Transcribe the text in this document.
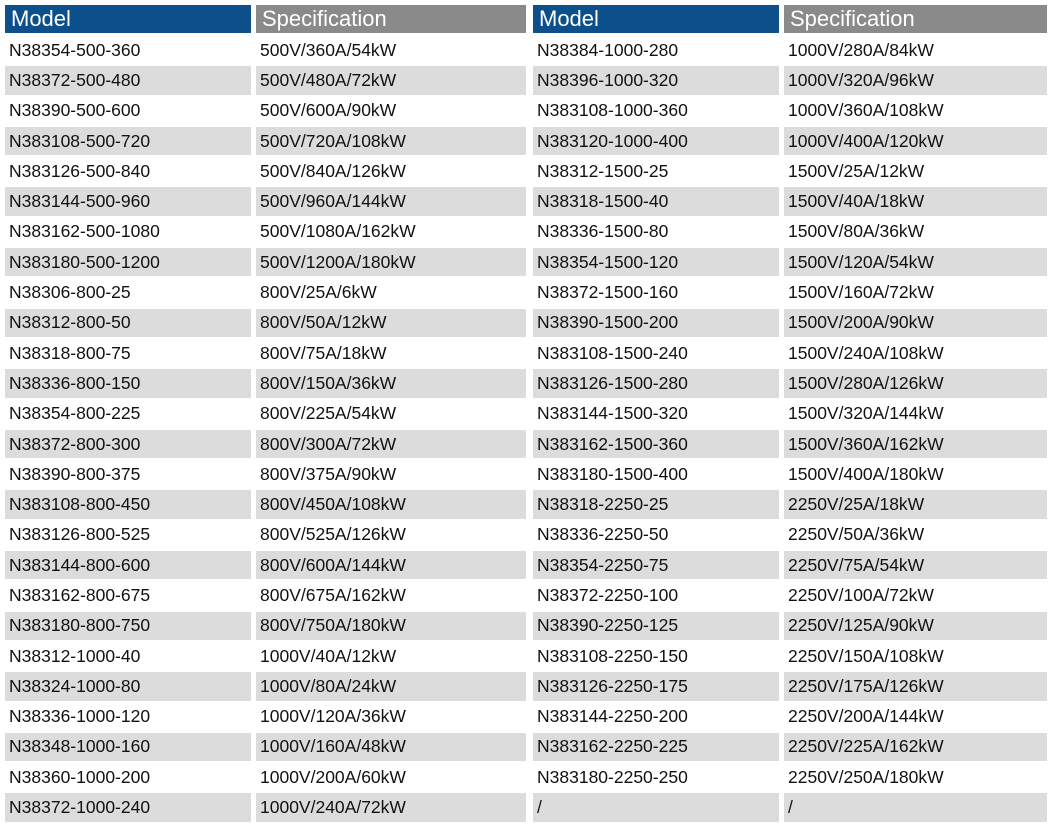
Model	Specification
N38354-500-360	500V/360A/54kW
N38372-500-480	500V/480A/72kW
N38390-500-600	500V/600A/90kW
N383108-500-720	500V/720A/108kW
N383126-500-840	500V/840A/126kW
N383144-500-960	500V/960A/144kW
N383162-500-1080	500V/1080A/162kW
N383180-500-1200	500V/1200A/180kW
N38306-800-25	800V/25A/6kW
N38312-800-50	800V/50A/12kW
N38318-800-75	800V/75A/18kW
N38336-800-150	800V/150A/36kW
N38354-800-225	800V/225A/54kW
N38372-800-300	800V/300A/72kW
N38390-800-375	800V/375A/90kW
N383108-800-450	800V/450A/108kW
N383126-800-525	800V/525A/126kW
N383144-800-600	800V/600A/144kW
N383162-800-675	800V/675A/162kW
N383180-800-750	800V/750A/180kW
N38312-1000-40	1000V/40A/12kW
N38324-1000-80	1000V/80A/24kW
N38336-1000-120	1000V/120A/36kW
N38348-1000-160	1000V/160A/48kW
N38360-1000-200	1000V/200A/60kW
N38372-1000-240	1000V/240A/72kW
Model	Specification
N38384-1000-280	1000V/280A/84kW
N38396-1000-320	1000V/320A/96kW
N383108-1000-360	1000V/360A/108kW
N383120-1000-400	1000V/400A/120kW
N38312-1500-25	1500V/25A/12kW
N38318-1500-40	1500V/40A/18kW
N38336-1500-80	1500V/80A/36kW
N38354-1500-120	1500V/120A/54kW
N38372-1500-160	1500V/160A/72kW
N38390-1500-200	1500V/200A/90kW
N383108-1500-240	1500V/240A/108kW
N383126-1500-280	1500V/280A/126kW
N383144-1500-320	1500V/320A/144kW
N383162-1500-360	1500V/360A/162kW
N383180-1500-400	1500V/400A/180kW
N38318-2250-25	2250V/25A/18kW
N38336-2250-50	2250V/50A/36kW
N38354-2250-75	2250V/75A/54kW
N38372-2250-100	2250V/100A/72kW
N38390-2250-125	2250V/125A/90kW
N383108-2250-150	2250V/150A/108kW
N383126-2250-175	2250V/175A/126kW
N383144-2250-200	2250V/200A/144kW
N383162-2250-225	2250V/225A/162kW
N383180-2250-250	2250V/250A/180kW
/	/
